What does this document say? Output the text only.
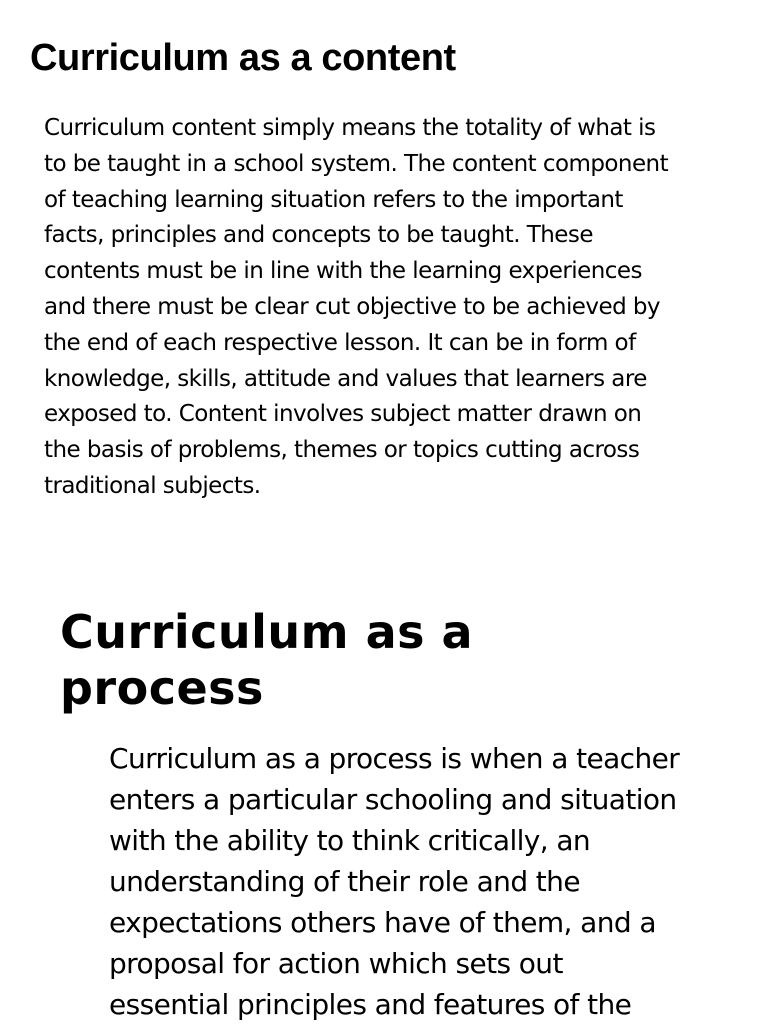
Curriculum as a content

Curriculum content simply means the totality of what is
to be taught in a school system. The content component
of teaching learning situation refers to the important
facts, principles and concepts to be taught. These
contents must be in line with the learning experiences
and there must be clear cut objective to be achieved by
the end of each respective lesson. It can be in form of
knowledge, skills, attitude and values that learners are
exposed to. Content involves subject matter drawn on
the basis of problems, themes or topics cutting across
traditional subjects.

Curriculum as a process

Curriculum as a process is when a teacher
enters a particular schooling and situation
with the ability to think critically, an
understanding of their role and the
expectations others have of them, and a
proposal for action which sets out
essential principles and features of the
